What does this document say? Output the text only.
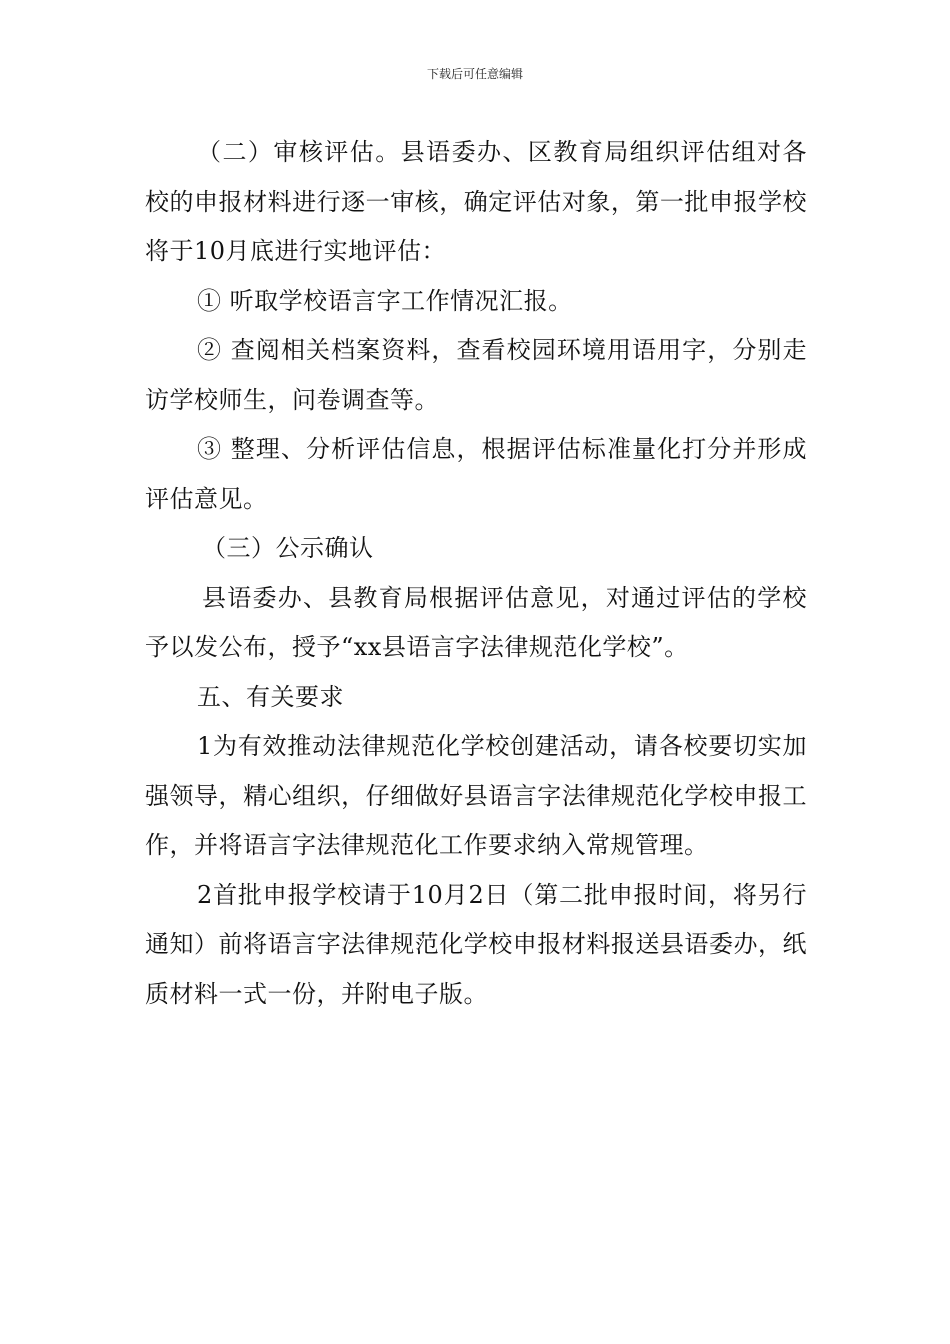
下载后可任意编辑

（二）审核评估。县语委办、区教育局组织评估组对各校的申报材料进行逐一审核，确定评估对象，第一批申报学校将于10月底进行实地评估：

① 听取学校语言字工作情况汇报。

② 查阅相关档案资料，查看校园环境用语用字，分别走访学校师生，问卷调查等。

③ 整理、分析评估信息，根据评估标准量化打分并形成评估意见。

（三）公示确认

县语委办、县教育局根据评估意见，对通过评估的学校予以发公布，授予“xx县语言字法律规范化学校”。

五、有关要求

1为有效推动法律规范化学校创建活动，请各校要切实加强领导，精心组织，仔细做好县语言字法律规范化学校申报工作，并将语言字法律规范化工作要求纳入常规管理。

2首批申报学校请于10月2日（第二批申报时间，将另行通知）前将语言字法律规范化学校申报材料报送县语委办，纸质材料一式一份，并附电子版。
